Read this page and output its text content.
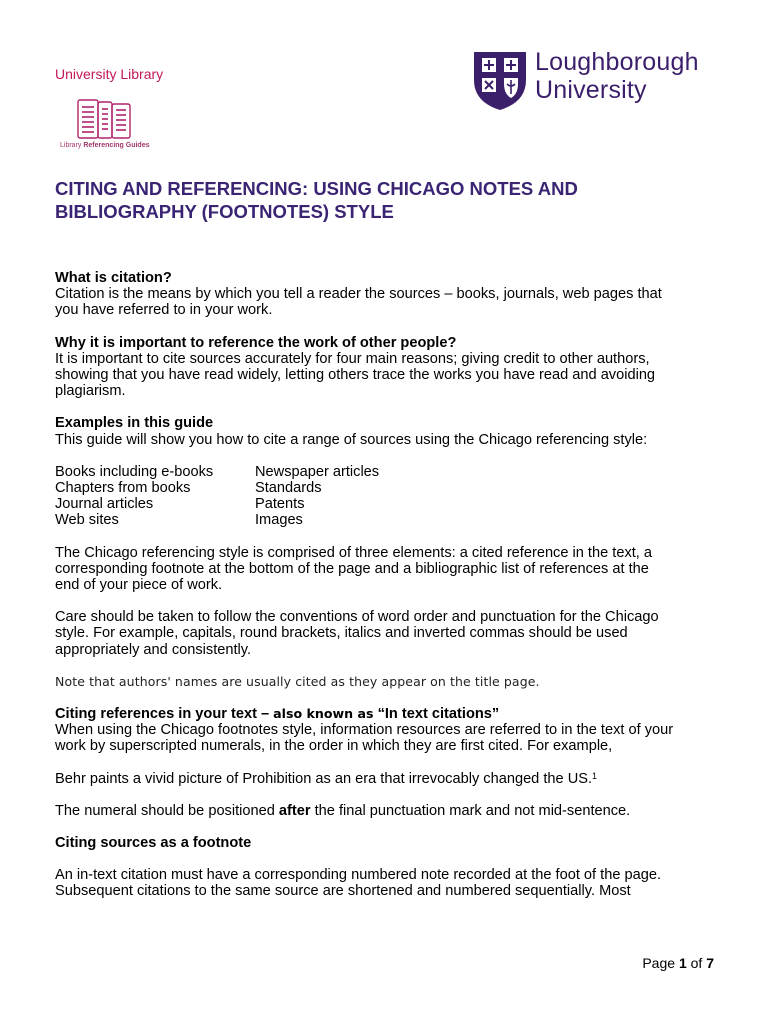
University Library
Library Referencing Guides
Loughborough
University
CITING AND REFERENCING: USING CHICAGO NOTES AND
BIBLIOGRAPHY (FOOTNOTES) STYLE
What is citation?

Citation is the means by which you tell a reader the sources – books, journals, web pages that
you have referred to in your work.

Why it is important to reference the work of other people?

It is important to cite sources accurately for four main reasons; giving credit to other authors,
showing that you have read widely, letting others trace the works you have read and avoiding
plagiarism.

Examples in this guide

This guide will show you how to cite a range of sources using the Chicago referencing style:

Books including e-books
Chapters from books
Journal articles
Web sites
Newspaper articles
Standards
Patents
Images

The Chicago referencing style is comprised of three elements: a cited reference in the text, a
corresponding footnote at the bottom of the page and a bibliographic list of references at the
end of your piece of work.

Care should be taken to follow the conventions of word order and punctuation for the Chicago
style. For example, capitals, round brackets, italics and inverted commas should be used
appropriately and consistently.

Note that authors' names are usually cited as they appear on the title page.

Citing references in your text – also known as “In text citations”

When using the Chicago footnotes style, information resources are referred to in the text of your
work by superscripted numerals, in the order in which they are first cited. For example,

Behr paints a vivid picture of Prohibition as an era that irrevocably changed the US.$^1$

The numeral should be positioned after the final punctuation mark and not mid-sentence.

Citing sources as a footnote

An in-text citation must have a corresponding numbered note recorded at the foot of the page.
Subsequent citations to the same source are shortened and numbered sequentially. Most

Page 1 of 7
